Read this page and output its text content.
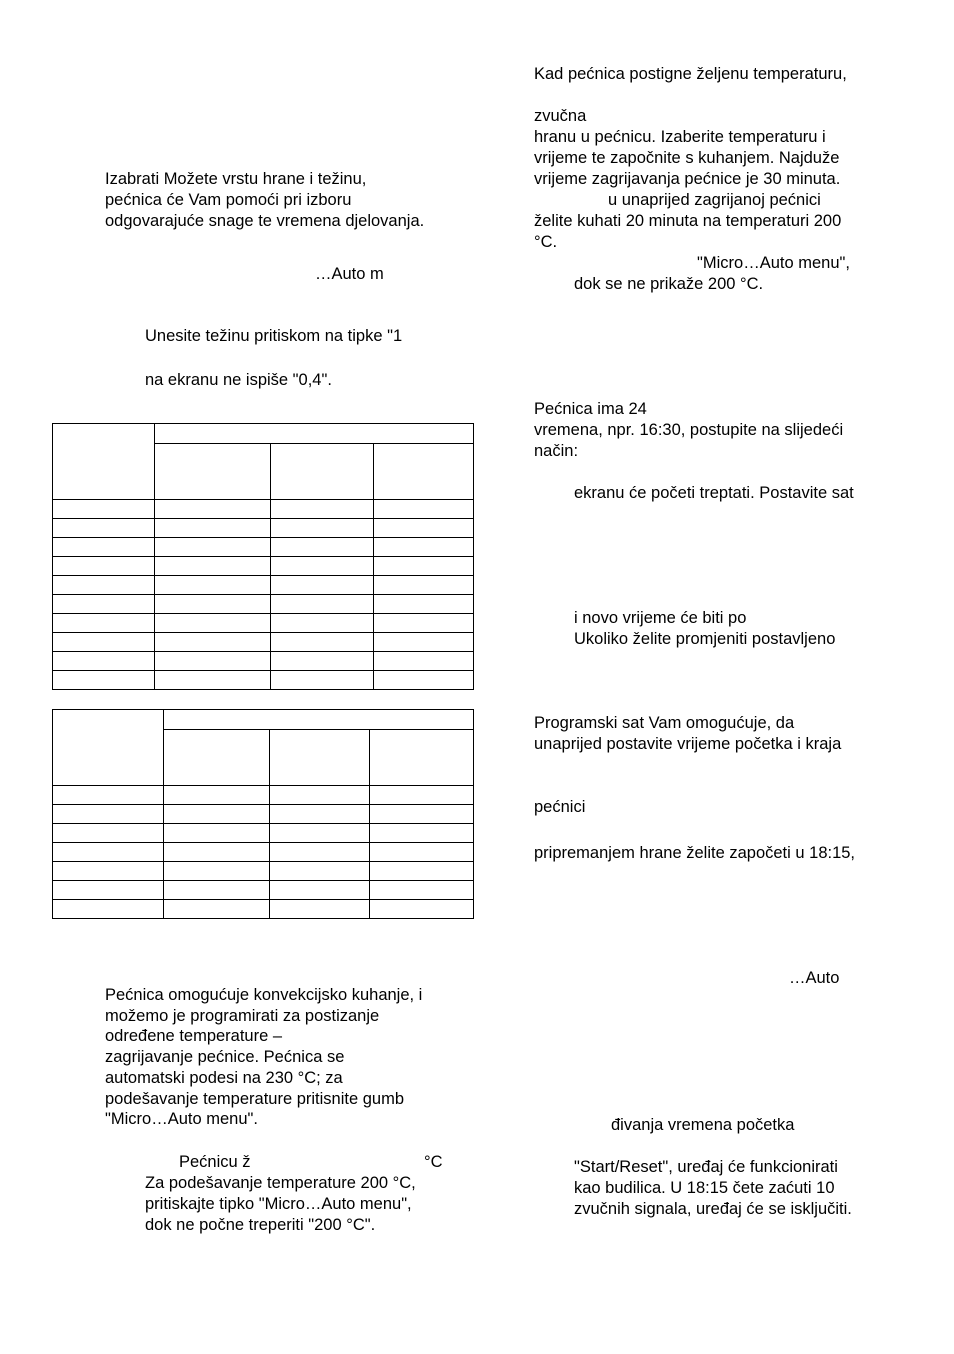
Izabrati Možete vrstu hrane i težinu,
pećnica će Vam pomoći pri izboru
odgovarajuće snage te vremena djelovanja.
…Auto m
Unesite težinu pritiskom na tipke "1
na ekranu ne ispiše "0,4".

Pećnica omogućuje konvekcijsko kuhanje, i
možemo je programirati za postizanje
određene temperature –
zagrijavanje pećnice. Pećnica se
automatski podesi na 230 °C; za
podešavanje temperature pritisnite gumb
"Micro…Auto menu".
Pećnicu ž	°C
Za podešavanje temperature 200 °C,
pritiskajte tipko "Micro…Auto menu",
dok ne počne treperiti "200 °C".
Kad pećnica postigne željenu temperaturu,
zvučna
hranu u pećnicu. Izaberite temperaturu i
vrijeme te započnite s kuhanjem. Najduže
vrijeme zagrijavanja pećnice je 30 minuta.
u unaprijed zagrijanoj pećnici
želite kuhati 20 minuta na temperaturi 200
°C.
"Micro…Auto menu",
dok se ne prikaže 200 °C.
Pećnica ima 24
vremena, npr. 16:30, postupite na slijedeći
način:
ekranu će početi treptati. Postavite sat
i novo vrijeme će biti po
Ukoliko želite promjeniti postavljeno
Programski sat Vam omogućuje, da
unaprijed postavite vrijeme početka i kraja
pećnici
pripremanjem hrane želite započeti u 18:15,
…Auto
đivanja vremena početka
"Start/Reset", uređaj će funkcionirati
kao budilica. U 18:15 čete zaćuti 10
zvučnih signala, uređaj će se isključiti.
